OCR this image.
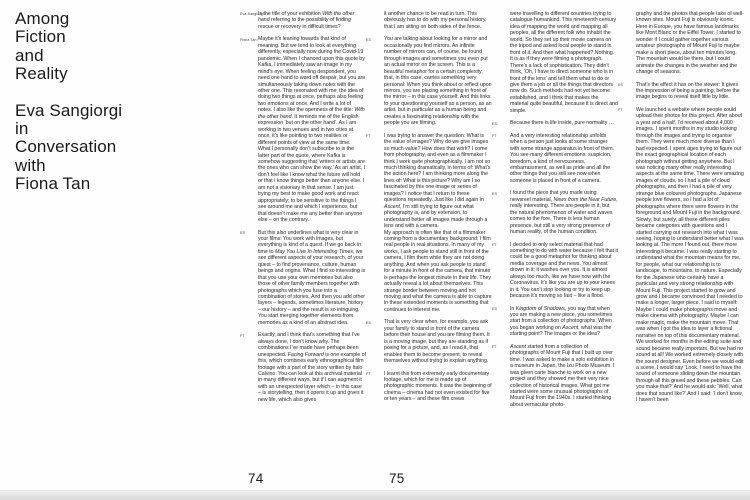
Among
Fiction
and
Reality
Eva Sangiorgi
in
Conversation
with
Fiona Tan
Eva Sangiorgi:
Is the title of your exhibition With the other hand referring to the possibility of finding rescue or recovery in difficult times?
Fiona Tan: Maybe it’s leaning towards that kind of meaning. But we tend to look at everything differently, especially now during the Covid-19 pandemic. When I chanced upon this quote by Kafka, I immediately saw an image in my mind’s eye. When feeling despondent, you need one hand to ward off despair, but you are simultaneously taking down notes with the other one. This resonated with me; the idea of doing two things at once, perhaps also feeling two emotions at once. And I write a lot of notes. I also like the openness of the title: With the other hand. It reminds me of the English expression ‘but on the other hand’. As I am working in two venues and in two cities at once, it’s like pointing to two realities or different points of view at the same time.
What I personally don’t subscribe to is the latter part of the quote, where Kafka is somehow suggesting that ‘writers or artists are the ones who can show the way.’ As an artist, I don’t feel like I know what the future will hold or that I know things better than anyone else. I am not a visionary in that sense. I am just trying my best to make good work and react appropriately; to be sensitive to the things I see around me and which I experience, but that doesn’t make me any better than anyone else – on the contrary.
ES But this also underlines what is very clear in your films: You work with images, but everything is kind of a quest. If we go back in time to May You Live In Interesting Times, we see different aspects of your research, of your quest – to find provenance, culture, human beings and origins. What I find so interesting is that you use your own memories but also those of other family members together with photographs which you fuse into a combination of stories. And then you add other layers – legends, sometimes literature, history – our history – and the result is so intriguing. You start merging together elements from memories as a kind of an abstract idea.
FT	Exactly, and I think that’s something that I’ve always done, I don’t know why. The combinations I’ve made have perhaps been unexpected. Facing Forward is one example of this, which combines early ethnographical film footage with a part of the story written by Italo Calvino. You can look at this archival material in many different ways, but if I can augment it with an unexpected layer which – in this case – is storytelling, then it opens it up and gives it new life, which also gives
it another chance to be read in turn. This obviously has to do with my personal history, that I am sitting on both sides of the fence.
ES You are talking about looking for a mirror and occasionally you find mirrors. An infinite number of mirrors can, of course, be found through images and sometimes you even put an actual mirror on the screen. This is a beautiful metaphor for a certain complexity, that, in this case, carries something very personal: When you think about or reflect upon mirrors, you are placing something in front of the mirror – in this case yourself. And this links to your questioning yourself as a person, as an artist, but in particular as a human being and creates a fascinating relationship with the people you are filming.
FT	I was trying to answer the question: What is the value of images? Why do we give images so much value? How does that work? I come from photography, and even as a filmmaker I think I work quite photographically. I am not so much thinking dramatically, in terms of: What’s the action here? I am thinking more along the lines of: What is this picture? Why am I so fascinated by this one image or series of images? I notice that I return to these questions repeatedly. Just like I did again in Ascent, I’m still trying to figure out what photography is, and by extension, to understand better all images made through a lens and with a camera.
My approach is often like that of a filmmaker coming from a documentary background: I film real people in real situations. In many of my works, I ask people to stand still in front of the camera, I film them while they are not doing anything. And when you ask people to stand for a minute in front of the camera, that minute is perhaps the longest minute in their life. They actually reveal a lot about themselves. This strange border between moving and not moving and what the camera is able to capture in these extended moments is something that continues to interest me.
ES That is very clear when, for example, you ask your family to stand in front of the camera before their house and you are filming them. It is a moving image, but they are standing as if posing for a picture, and, as I read it, that enables them to become present, to reveal themselves without trying to explain anything.
FT	I learnt this from extremely early documentary footage, which for me is made up of photographic moments. It was the beginning of cinema – cinema had not even existed for five or ten years – and these film crews
were travelling to different countries trying to catalogue humankind. This nineteenth century idea of mapping the world and mapping all peoples, all the different folk who inhabit the world. So they set up their movie camera on the tripod and asked local people to stand in front of it. And then what happened? Nothing. It is as if they were filming a photograph. There’s a lack of sophistication. They didn’t think, ‘Oh, I have to direct someone who is in front of the lens’ and tell them what to do or give them a job or all the things that directors now do. Such methods had not yet become established, and I think that makes the material quite beautiful, because it is direct and simple.
ES Because there is life inside, pure normality …
FT	And a very interesting relationship unfolds when a person just looks at some stranger with some strange apparatus in front of them. You see many different emotions: suspicion, boredom, a kind of nervousness, embarrassment, as well as pride and all the other things that you still see now when someone is placed in front of a camera.
ES I found the piece that you made using newsreel material, News from the Near Future, really interesting. There are people in it, but the natural phenomenon of water and waves comes to the fore. There is less human presence, but still a very strong presence of human reality, of the human condition.
FT	I decided to only select material that had something to do with water because I felt that it could be a good metaphor for thinking about media coverage and the news. You almost drown in it; it washes over you. It is almost always too much, like we have now with the Coronavirus. It’s like you are up to your knees in it. You can’t stop looking or try to keep up because it’s moving so fast – like a flood.
ES In Kingdom of Shadows, you say that when you are making a new piece, you sometimes start from a collection of photographs. When you began working on Ascent, what was the starting point? The images or the idea?
FT	Ascent started from a collection of photographs of Mount Fuji that I built up over time. I was asked to make a solo exhibition in a museum in Japan, the Izu Photo Museum. I was given carte blanche to work on a new project and they showed me their very nice collection of historical images. What got me started were some unusual photographs of Mount Fuji from the 1940s. I started thinking about vernacular photo-
graphy and the photos that people take of well-known sites. Mount Fuji is obviously iconic. Here in Europe, you have famous landmarks like Mont Blanc or the Eiffel Tower. I started to wonder if I could gather together various amateur photographs of Mount Fuji to maybe make a short piece, about ten minutes long. The mountain would be there, but I could animate the changes in the weather and the change of seasons.
ES That’s the effect it has on the viewer: It gives the impression of being a painting, before the image begins to reveal itself little by little.
FT	We launched a website where people could upload their photos for this project. After about a year and a half, I’d received about 4,000 images. I spent months in my studio looking through the images and trying to organise them. They were much more diverse than I had expected. I spent ages trying to figure out the exact geographical location of each photograph without getting anywhere. But I was noticing many other really interesting aspects at the same time. There were amazing images of clouds, so I had a pile of cloud photographs, and then I had a pile of very strange blue coloured photographs. Japanese people love flowers, so I had a lot of photographs where there were flowers in the foreground and Mount Fuji in the background. Slowly, but surely, all these different piles became categories with questions and I started carrying out research into what I was seeing, hoping to understand better what I was looking at. The more I found out, there more interesting it became. I was really starting to understand what the mountain means for me, for people, what our relationship is to landscape, to mountains, to nature. Especially for the Japanese who certainly have a particular and very strong relationship with Mount Fuji. This project started to grow and grow and I became convinced that I needed to make a longer, larger piece. I said to myself: Maybe I could make photographs move and make cinema with photography. Maybe I can make magic, make the mountain move. That was when I got the idea to layer a fictional narrative on top of this documentary material. We worked for months in the editing suite and sound became really important. But we had no sound at all! We worked extremely closely with the sound designer. Even before we would edit a scene, I would say ‘Look, I need to have the sound of someone sliding down the mountain through all this gravel and these pebbles. Can you make that?’ And he would ask: ‘Well, what does that sound like?’ And I said: ‘I don’t know, I haven’t been
74	75
